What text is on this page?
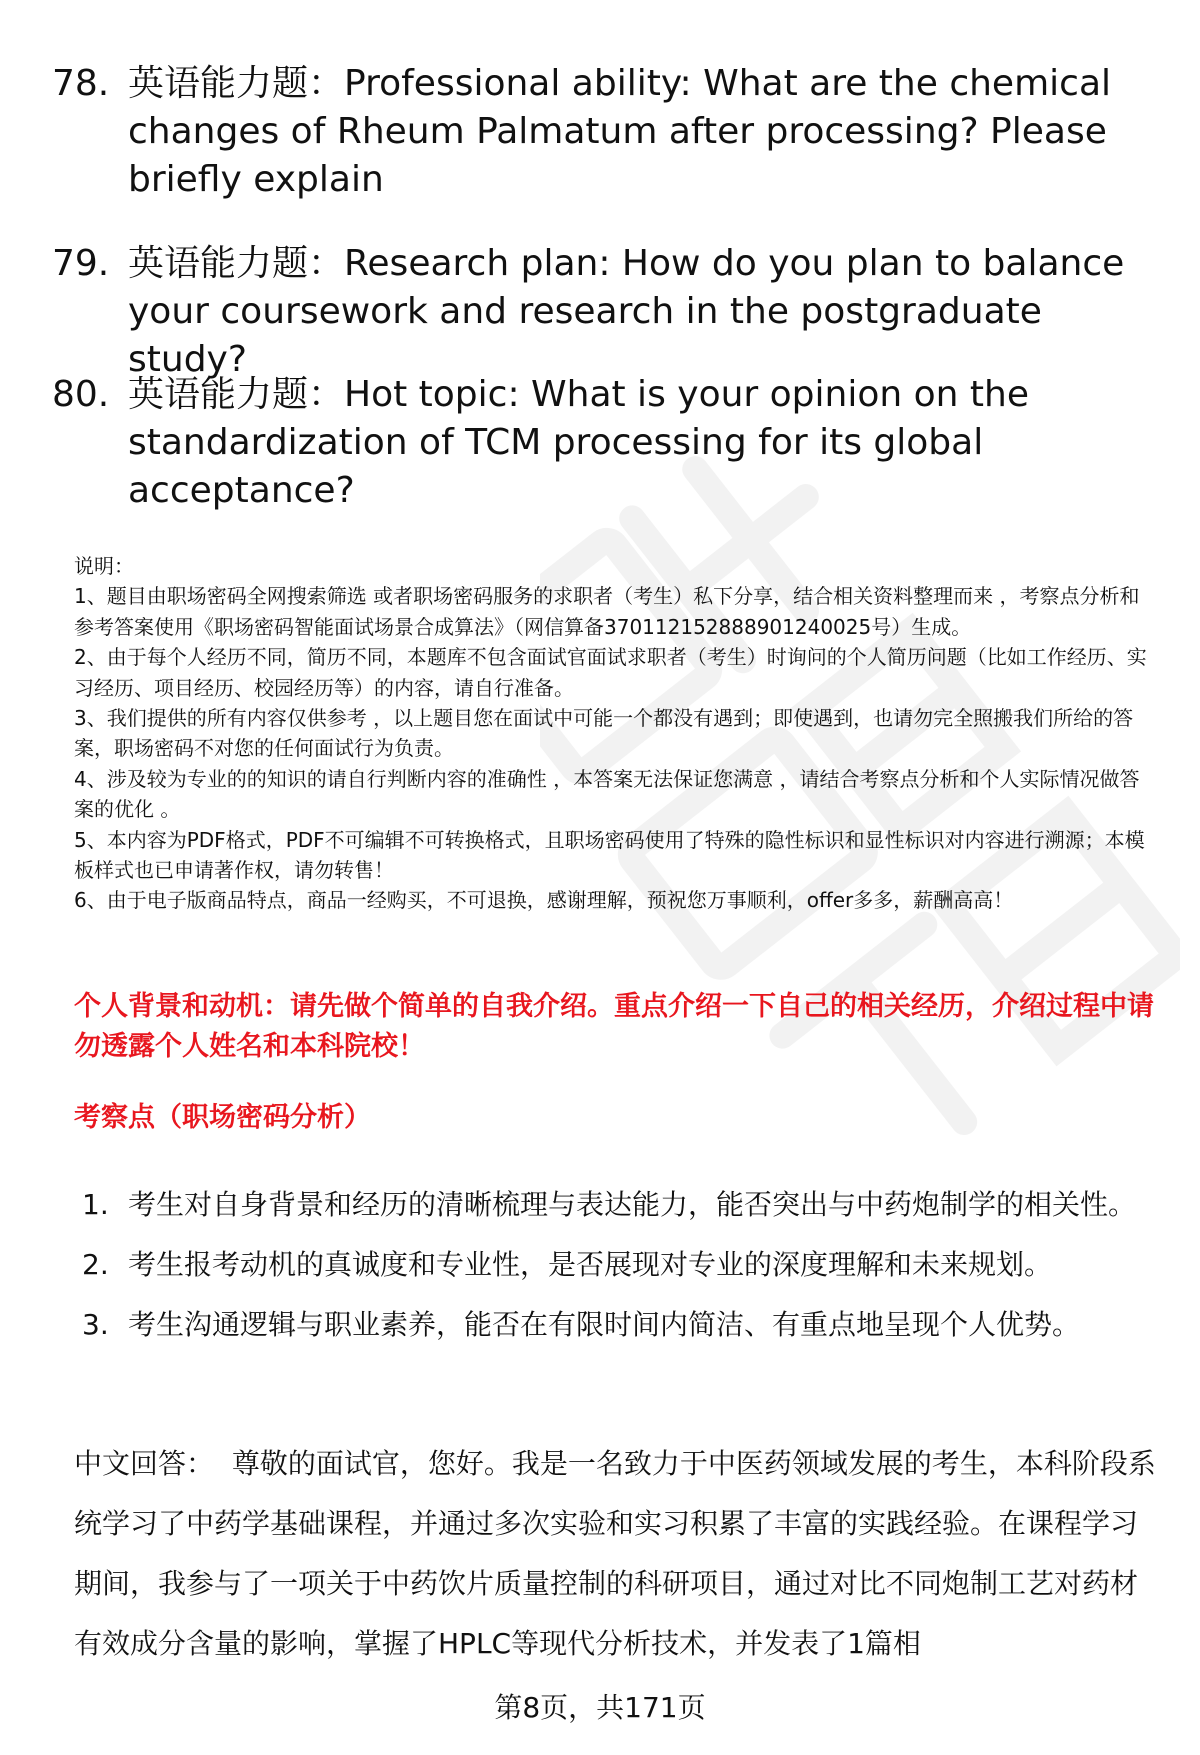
78. 英语能力题：Professional ability: What are the chemical changes of Rheum Palmatum after processing? Please briefly explain
79. 英语能力题：Research plan: How do you plan to balance your coursework and research in the postgraduate study?
80. 英语能力题：Hot topic: What is your opinion on the standardization of TCM processing for its global acceptance?

说明：

1、题目由职场密码全网搜索筛选 或者职场密码服务的求职者（考生）私下分享，结合相关资料整理而来 ，考察点分析和参考答案使用《职场密码智能面试场景合成算法》（网信算备370112152888901240025号）生成。

2、由于每个人经历不同，简历不同，本题库不包含面试官面试求职者（考生）时询问的个人简历问题（比如工作经历、实习经历、项目经历、校园经历等）的内容，请自行准备。

3、我们提供的所有内容仅供参考 ，以上题目您在面试中可能一个都没有遇到；即使遇到，也请勿完全照搬我们所给的答案，职场密码不对您的任何面试行为负责。

4、涉及较为专业的的知识的请自行判断内容的准确性 ，本答案无法保证您满意 ，请结合考察点分析和个人实际情况做答案的优化 。

5、本内容为PDF格式，PDF不可编辑不可转换格式，且职场密码使用了特殊的隐性标识和显性标识对内容进行溯源；本模板样式也已申请著作权，请勿转售！

6、由于电子版商品特点，商品一经购买，不可退换，感谢理解，预祝您万事顺利，offer多多，薪酬高高！

个人背景和动机：请先做个简单的自我介绍。重点介绍一下自己的相关经历，介绍过程中请勿透露个人姓名和本科院校！
考察点（职场密码分析）
1. 考生对自身背景和经历的清晰梳理与表达能力，能否突出与中药炮制学的相关性。
2. 考生报考动机的真诚度和专业性，是否展现对专业的深度理解和未来规划。
3. 考生沟通逻辑与职业素养，能否在有限时间内简洁、有重点地呈现个人优势。
中文回答： 尊敬的面试官，您好。我是一名致力于中医药领域发展的考生，本科阶段系统学习了中药学基础课程，并通过多次实验和实习积累了丰富的实践经验。在课程学习期间，我参与了一项关于中药饮片质量控制的科研项目，通过对比不同炮制工艺对药材有效成分含量的影响，掌握了HPLC等现代分析技术，并发表了1篇相
第8页，共171页
